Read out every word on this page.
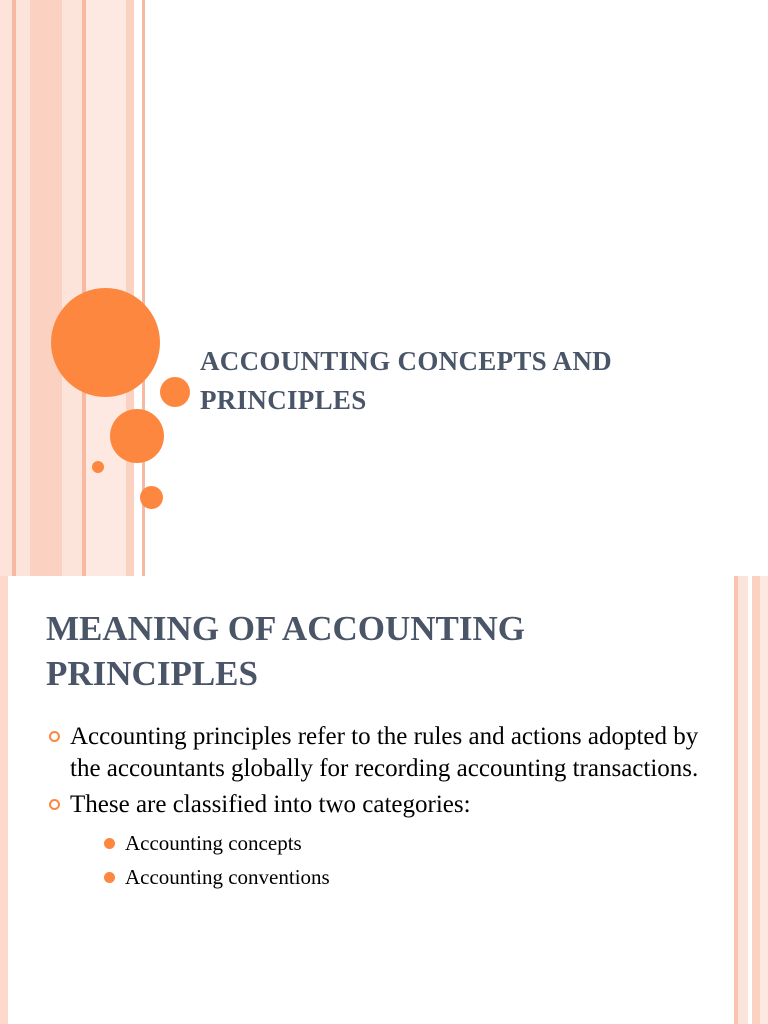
ACCOUNTING CONCEPTS AND
PRINCIPLES
MEANING OF ACCOUNTING
PRINCIPLES
Accounting principles refer to the rules and actions adopted by the accountants globally for recording accounting transactions.
These are classified into two categories:
Accounting concepts
Accounting conventions
